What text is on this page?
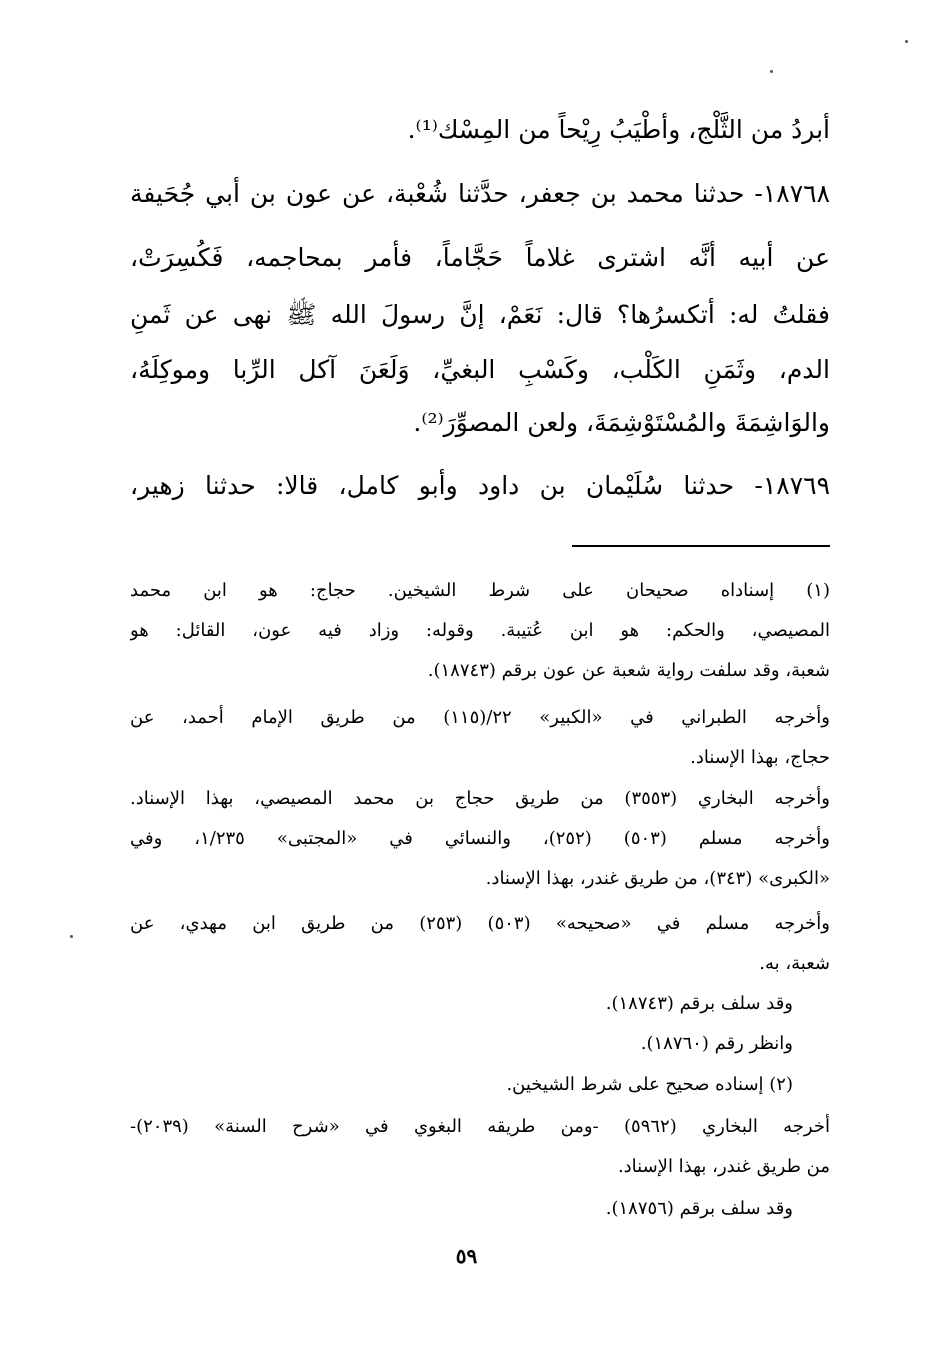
أبردُ من الثَّلْج، وأطْيَبُ رِيْحاً من المِسْك⁽¹⁾.
١٨٧٦٨- حدثنا محمد بن جعفر، حدَّثنا شُعْبة، عن عون بن أبي جُحَيفة
عن أبيه أنَّه اشترى غلاماً حَجَّاماً، فأمر بمحاجمه، فَكُسِرَتْ،
فقلتُ له: أتكسرُها؟ قال: نَعَمْ، إنَّ رسولَ الله ﷺ نهى عن ثَمنِ
الدم، وثَمَنِ الكَلْب، وكَسْبِ البغيِّ، وَلَعَنَ آكل الرِّبا وموكِلَهُ،
والوَاشِمَةَ والمُسْتَوْشِمَةَ، ولعن المصوِّرَ⁽²⁾.
١٨٧٦٩- حدثنا سُلَيْمان بن داود وأبو كامل، قالا: حدثنا زهير،
(١) إسناداه صحيحان على شرط الشيخين. حجاج: هو ابن محمد
المصيصي، والحكم: هو ابن عُتيبة. وقوله: وزاد فيه عون، القائل: هو
شعبة، وقد سلفت رواية شعبة عن عون برقم (١٨٧٤٣).
وأخرجه الطبراني في «الكبير» ٢٢/(١١٥) من طريق الإمام أحمد، عن
حجاج، بهذا الإسناد.
وأخرجه البخاري (٣٥٥٣) من طريق حجاج بن محمد المصيصي، بهذا الإسناد.
وأخرجه مسلم (٥٠٣) (٢٥٢)، والنسائي في «المجتبى» ١/٢٣٥، وفي
«الكبرى» (٣٤٣)، من طريق غندر، بهذا الإسناد.
وأخرجه مسلم في «صحيحه» (٥٠٣) (٢٥٣) من طريق ابن مهدي، عن
شعبة، به.
وقد سلف برقم (١٨٧٤٣).
وانظر رقم (١٨٧٦٠).
(٢) إسناده صحيح على شرط الشيخين.
أخرجه البخاري (٥٩٦٢) -ومن طريقه البغوي في «شرح السنة» (٢٠٣٩)-
من طريق غندر، بهذا الإسناد.
وقد سلف برقم (١٨٧٥٦).
٥٩
